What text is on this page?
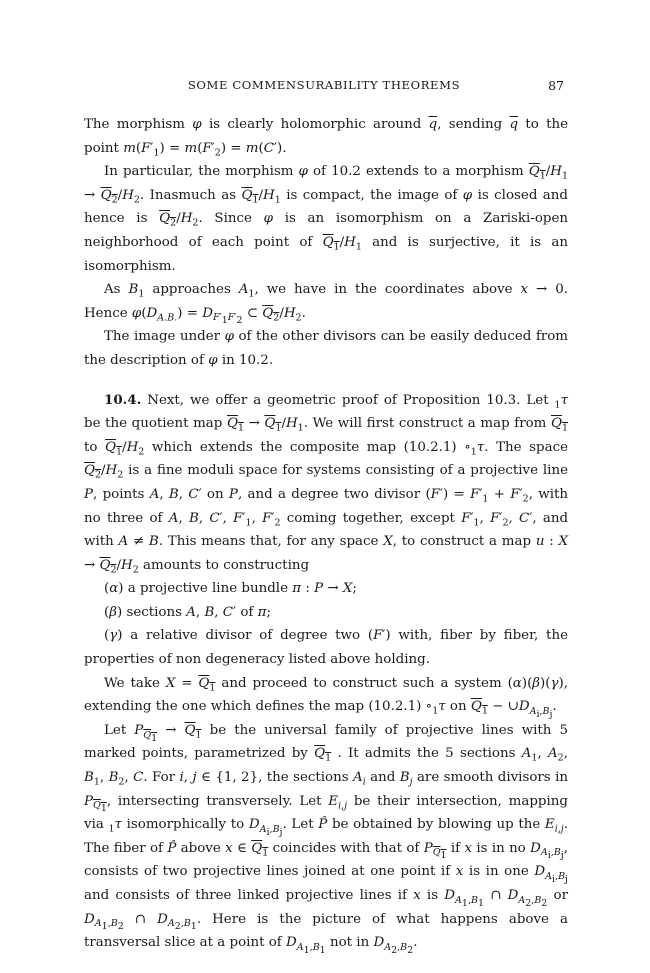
SOME COMMENSURABILITY THEOREMS	87

The morphism φ is clearly holomorphic around $\overline{q}$, sending $\overline{q}$ to the point $m(F'_1) = m(F'_2) = m(C')$.

In particular, the morphism φ of 10.2 extends to a morphism $Q_1/H_1 \to Q_2/H_2$. Inasmuch as $Q_1/H_1$ is compact, the image of φ is closed and hence is $Q_2/H_2$. Since φ is an isomorphism on a Zariski-open neighborhood of each point of $Q_1/H_1$ and is surjective, it is an isomorphism.

As $B_1$ approaches $A_1$, we have in the coordinates above x → 0. Hence $\varphi(D_{A.B.}) = D_{F'_1F'_2}$ ⊂ $Q_2/H_2$.

The image under φ of the other divisors can be easily deduced from the description of φ in 10.2.

10.4. Next, we offer a geometric proof of Proposition 10.3. Let $_1$τ be the quotient map $Q_1 \to Q_1/H_1$. We will first construct a map from $Q_1$ to $Q_1/H_2$ which extends the composite map (10.2.1) $\circ_1\tau$. The space $Q_2/H_2$ is a fine moduli space for systems consisting of a projective line P, points A, B, C′ on P, and a degree two divisor $(F') = F'_1 + F'_2$, with no three of A, B, C′, $F'_1$, $F'_2$ coming together, except $F'_1$, $F'_2$, C′, and with A ≠ B. This means that, for any space X, to construct a map u : $X \to Q_2/H_2$ amounts to constructing

(α) a projective line bundle π : P → X;

(β) sections A, B, C′ of π;

(γ) a relative divisor of degree two (F′) with, fiber by fiber, the properties of non degeneracy listed above holding.

We take $X = Q_1$ and proceed to construct such a system (α)(β)(γ), extending the one which defines the map (10.2.1) $\circ_1\tau$ on $Q_1$ − $\cup D_{A_i,B_j}$.

Let $P_{Q_1} \to Q_1$ be the universal family of projective lines with 5 marked points, parametrized by $Q_1$ . It admits the 5 sections $A_1$, $A_2$, $B_1$, $B_2$, C. For i, j ∈ {1, 2}, the sections $A_i$ and $B_j$ are smooth divisors in $P_{Q_1}$, intersecting transversely. Let $E_{i,j}$ be their intersection, mapping via $_1$τ isomorphically to $D_{A_i,B_j}$. Let P̂ be obtained by blowing up the $E_{i,j}$. The fiber of P̂ above x ∈ $Q_1$ coincides with that of $P_{Q_1}$ if x is in no $D_{A_i,B_j}$, consists of two projective lines joined at one point if x is in one $D_{A_i,B_j}$ and consists of three linked projective lines if x is $D_{A_1,B_1}$ ∩ $D_{A_2,B_2}$ or $D_{A_1,B_2}$ ∩ $D_{A_2,B_1}$. Here is the picture of what happens above a transversal slice at a point of $D_{A_1,B_1}$ not in $D_{A_2,B_2}$.
